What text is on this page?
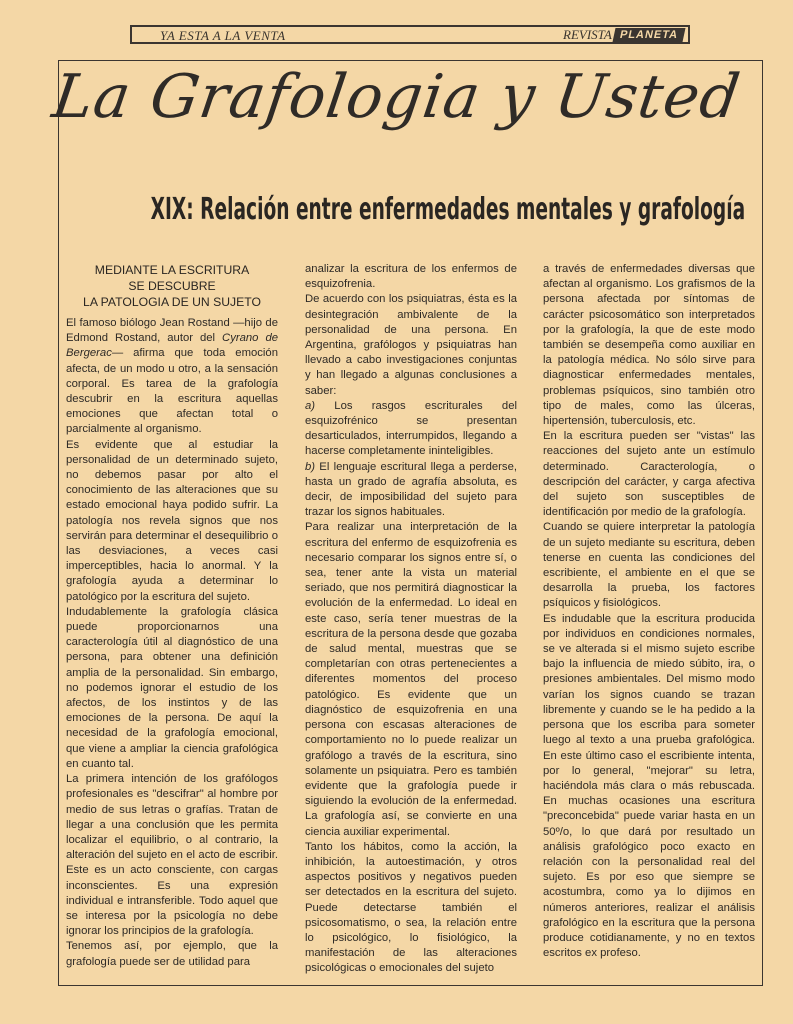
YA ESTA A LA VENTA	REVISTA PLANETA
La Grafologia y Usted
XIX: Relación entre enfermedades mentales y grafología

MEDIANTE LA ESCRITURA
SE DESCUBRE
LA PATOLOGIA DE UN SUJETO

El famoso biólogo Jean Rostand —hijo de Edmond Rostand, autor del Cyrano de Bergerac— afirma que toda emoción afecta, de un modo u otro, a la sensación corporal. Es tarea de la grafología descubrir en la escritura aquellas emociones que afectan total o parcialmente al organismo.

Es evidente que al estudiar la personalidad de un determinado sujeto, no debemos pasar por alto el conocimiento de las alteraciones que su estado emocional haya podido sufrir. La patología nos revela signos que nos servirán para determinar el desequilibrio o las desviaciones, a veces casi imperceptibles, hacia lo anormal. Y la grafología ayuda a determinar lo patológico por la escritura del sujeto.

Indudablemente la grafología clásica puede proporcionarnos una caracterología útil al diagnóstico de una persona, para obtener una definición amplia de la personalidad. Sin embargo, no podemos ignorar el estudio de los afectos, de los instintos y de las emociones de la persona. De aquí la necesidad de la grafología emocional, que viene a ampliar la ciencia grafológica en cuanto tal.

La primera intención de los grafólogos profesionales es "descifrar" al hombre por medio de sus letras o grafías. Tratan de llegar a una conclusión que les permita localizar el equilibrio, o al contrario, la alteración del sujeto en el acto de escribir. Este es un acto consciente, con cargas inconscientes. Es una expresión individual e intransferible. Todo aquel que se interesa por la psicología no debe ignorar los principios de la grafología.

Tenemos así, por ejemplo, que la grafología puede ser de utilidad para

analizar la escritura de los enfermos de esquizofrenia.

De acuerdo con los psiquiatras, ésta es la desintegración ambivalente de la personalidad de una persona. En Argentina, grafólogos y psiquiatras han llevado a cabo investigaciones conjuntas y han llegado a algunas conclusiones a saber:

a) Los rasgos escriturales del esquizofrénico se presentan desarticulados, interrumpidos, llegando a hacerse completamente ininteligibles.

b) El lenguaje escritural llega a perderse, hasta un grado de agrafía absoluta, es decir, de imposibilidad del sujeto para trazar los signos habituales.

Para realizar una interpretación de la escritura del enfermo de esquizofrenia es necesario comparar los signos entre sí, o sea, tener ante la vista un material seriado, que nos permitirá diagnosticar la evolución de la enfermedad. Lo ideal en este caso, sería tener muestras de la escritura de la persona desde que gozaba de salud mental, muestras que se completarían con otras pertenecientes a diferentes momentos del proceso patológico. Es evidente que un diagnóstico de esquizofrenia en una persona con escasas alteraciones de comportamiento no lo puede realizar un grafólogo a través de la escritura, sino solamente un psiquiatra. Pero es también evidente que la grafología puede ir siguiendo la evolución de la enfermedad. La grafología así, se convierte en una ciencia auxiliar experimental.

Tanto los hábitos, como la acción, la inhibición, la autoestimación, y otros aspectos positivos y negativos pueden ser detectados en la escritura del sujeto. Puede detectarse también el psicosomatismo, o sea, la relación entre lo psicológico, lo fisiológico, la manifestación de las alteraciones psicológicas o emocionales del sujeto

a través de enfermedades diversas que afectan al organismo. Los grafismos de la persona afectada por síntomas de carácter psicosomático son interpretados por la grafología, la que de este modo también se desempeña como auxiliar en la patología médica. No sólo sirve para diagnosticar enfermedades mentales, problemas psíquicos, sino también otro tipo de males, como las úlceras, hipertensión, tuberculosis, etc.

En la escritura pueden ser "vistas" las reacciones del sujeto ante un estímulo determinado. Caracterología, o descripción del carácter, y carga afectiva del sujeto son susceptibles de identificación por medio de la grafología.

Cuando se quiere interpretar la patología de un sujeto mediante su escritura, deben tenerse en cuenta las condiciones del escribiente, el ambiente en el que se desarrolla la prueba, los factores psíquicos y fisiológicos.

Es indudable que la escritura producida por individuos en condiciones normales, se ve alterada si el mismo sujeto escribe bajo la influencia de miedo súbito, ira, o presiones ambientales. Del mismo modo varían los signos cuando se trazan libremente y cuando se le ha pedido a la persona que los escriba para someter luego al texto a una prueba grafológica. En este último caso el escribiente intenta, por lo general, "mejorar" su letra, haciéndola más clara o más rebuscada. En muchas ocasiones una escritura "preconcebida" puede variar hasta en un 50º/o, lo que dará por resultado un análisis grafológico poco exacto en relación con la personalidad real del sujeto. Es por eso que siempre se acostumbra, como ya lo dijimos en números anteriores, realizar el análisis grafológico en la escritura que la persona produce cotidianamente, y no en textos escritos ex profeso.
